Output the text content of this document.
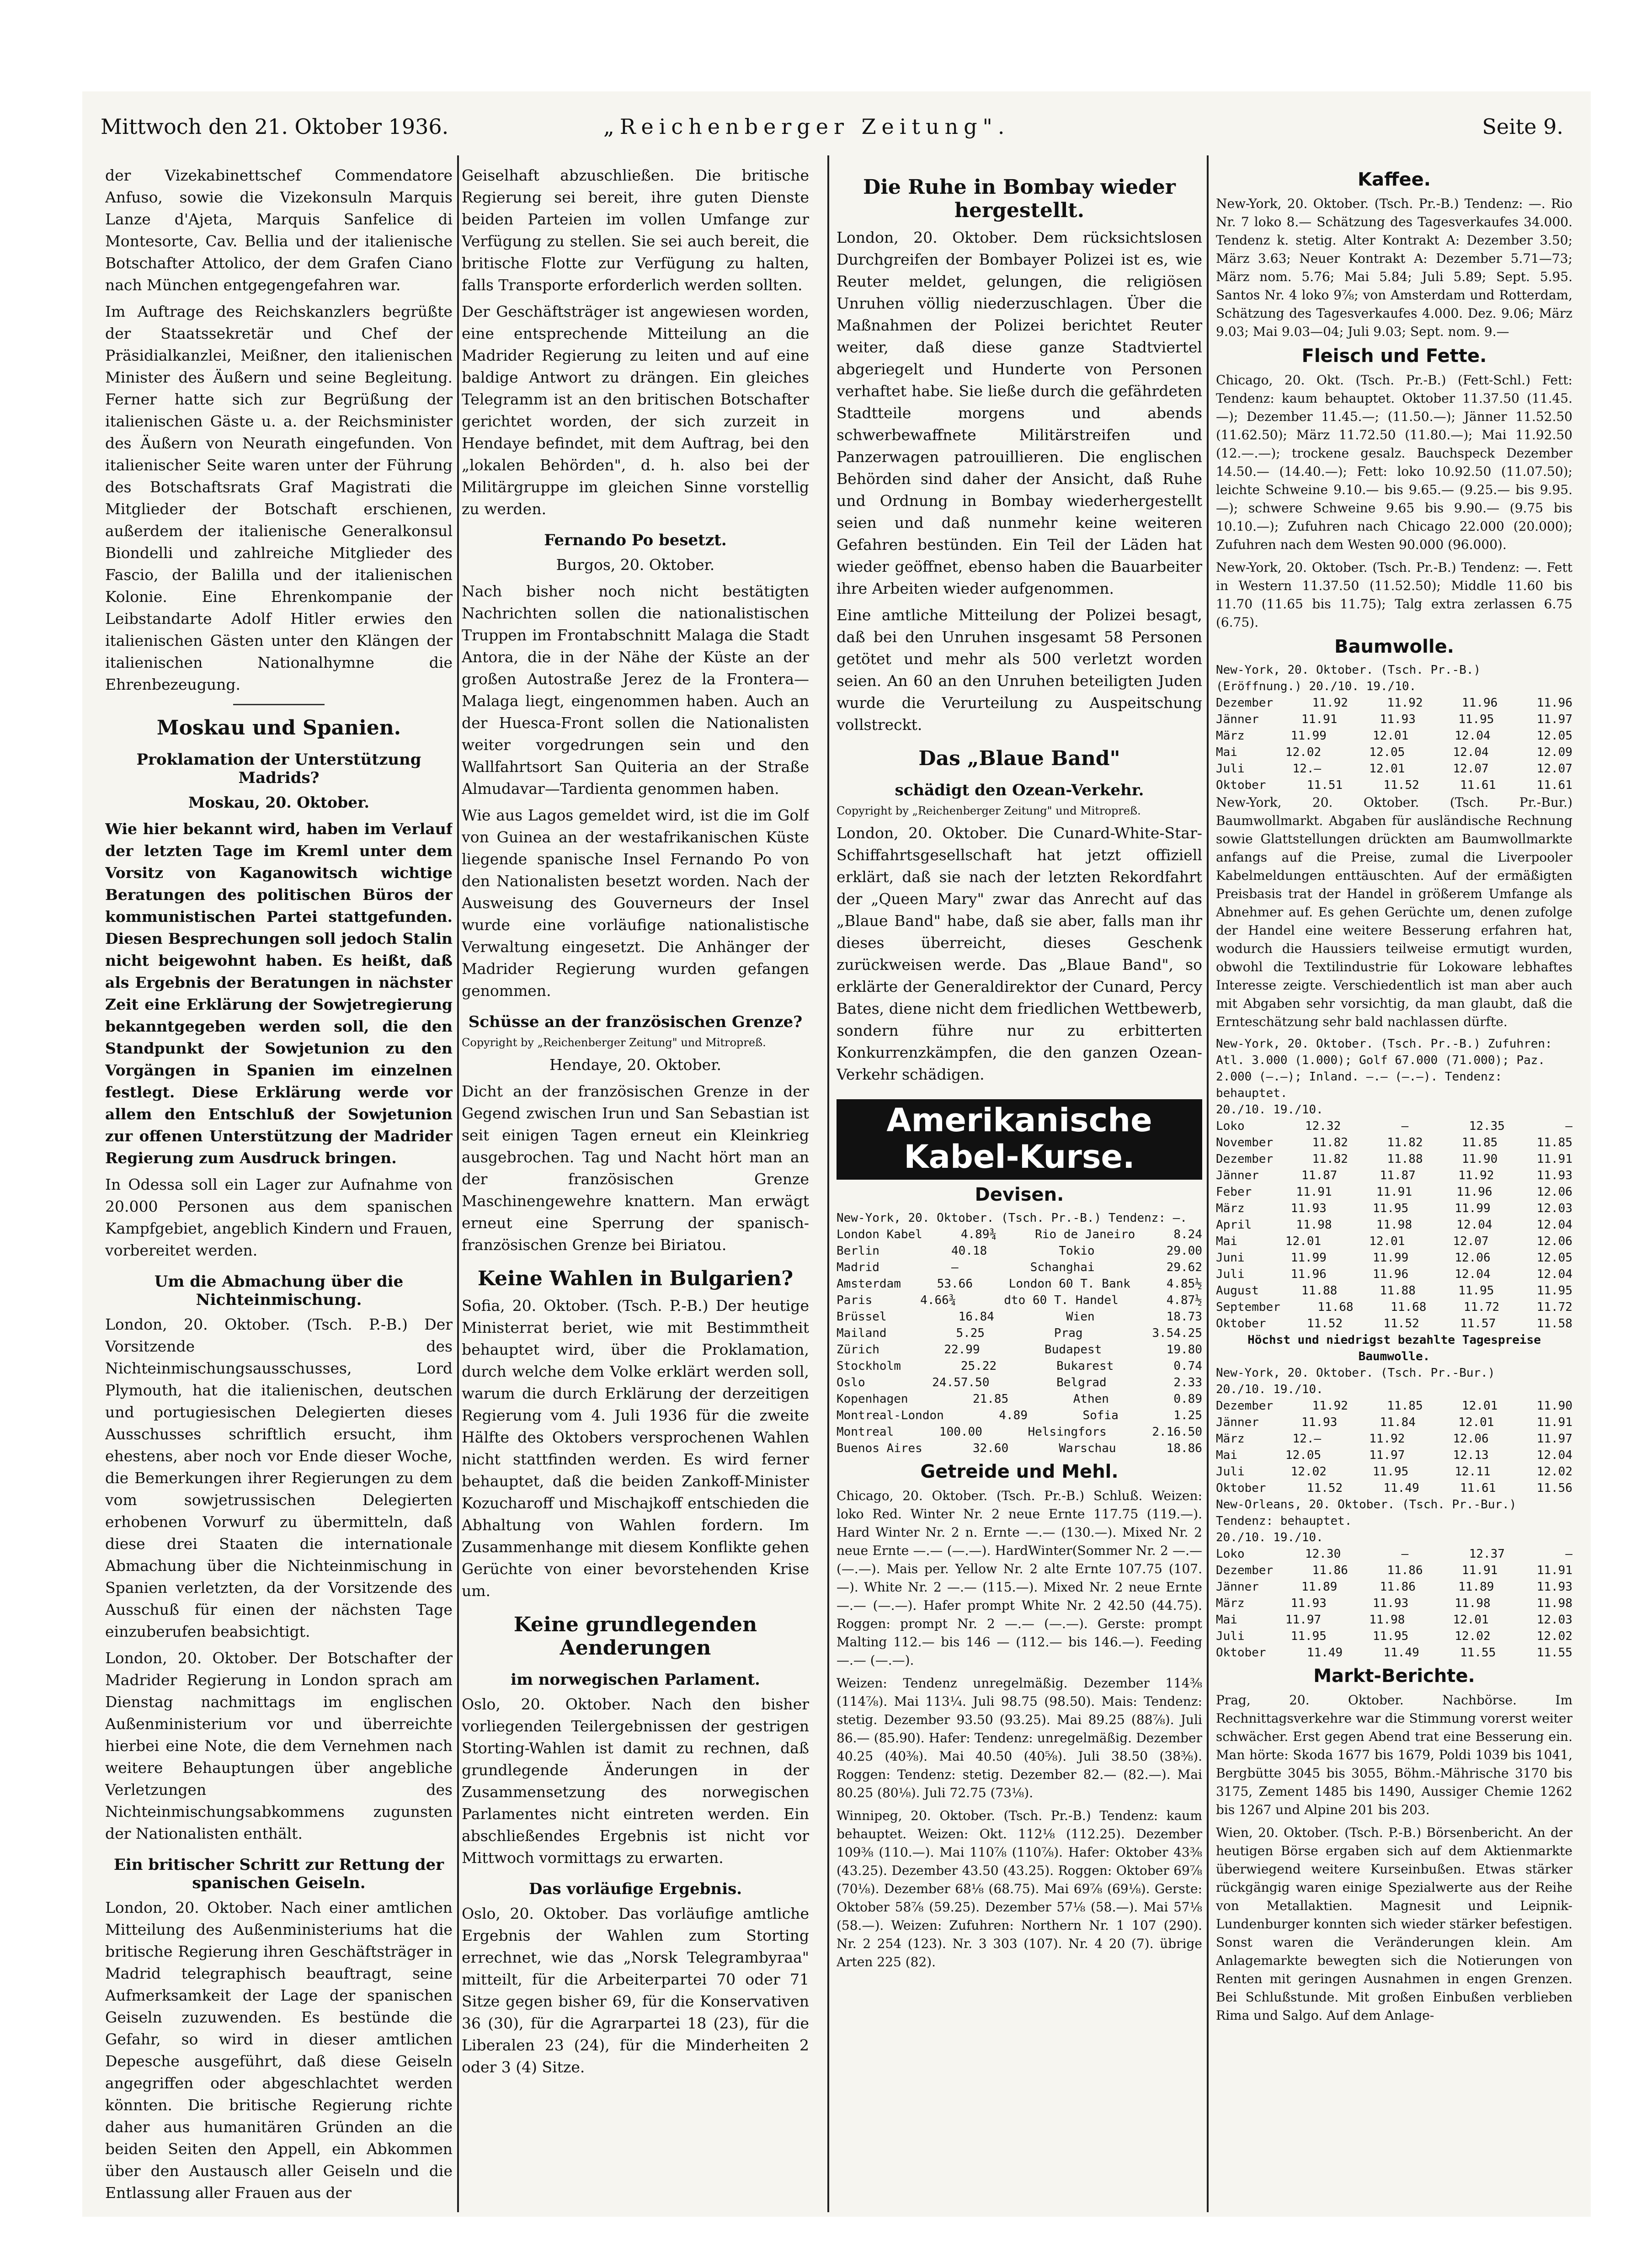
Mittwoch den 21. Oktober 1936.	„Reichenberger Zeitung".	Seite 9.

der Vizekabinettschef Commendatore Anfuso, sowie die Vizekonsuln Marquis Lanze d'Ajeta, Marquis Sanfelice di Montesorte, Cav. Bellia und der italienische Botschafter Attolico, der dem Grafen Ciano nach München entgegengefahren war.

Im Auftrage des Reichskanzlers begrüßte der Staatssekretär und Chef der Präsidialkanzlei, Meißner, den italienischen Minister des Äußern und seine Begleitung. Ferner hatte sich zur Begrüßung der italienischen Gäste u. a. der Reichsminister des Äußern von Neurath eingefunden. Von italienischer Seite waren unter der Führung des Botschaftsrats Graf Magistrati die Mitglieder der Botschaft erschienen, außerdem der italienische Generalkonsul Biondelli und zahlreiche Mitglieder des Fascio, der Balilla und der italienischen Kolonie. Eine Ehrenkompanie der Leibstandarte Adolf Hitler erwies den italienischen Gästen unter den Klängen der italienischen Nationalhymne die Ehrenbezeugung.

Moskau und Spanien.
Proklamation der Unterstützung Madrids?
Moskau, 20. Oktober.

Wie hier bekannt wird, haben im Verlauf der letzten Tage im Kreml unter dem Vorsitz von Kaganowitsch wichtige Beratungen des politischen Büros der kommunistischen Partei stattgefunden. Diesen Besprechungen soll jedoch Stalin nicht beigewohnt haben. Es heißt, daß als Ergebnis der Beratungen in nächster Zeit eine Erklärung der Sowjetregierung bekanntgegeben werden soll, die den Standpunkt der Sowjetunion zu den Vorgängen in Spanien im einzelnen festlegt. Diese Erklärung werde vor allem den Entschluß der Sowjetunion zur offenen Unterstützung der Madrider Regierung zum Ausdruck bringen.

In Odessa soll ein Lager zur Aufnahme von 20.000 Personen aus dem spanischen Kampfgebiet, angeblich Kindern und Frauen, vorbereitet werden.

Um die Abmachung über die Nichteinmischung.

London, 20. Oktober. (Tsch. P.-B.) Der Vorsitzende des Nichteinmischungsausschusses, Lord Plymouth, hat die italienischen, deutschen und portugiesischen Delegierten dieses Ausschusses schriftlich ersucht, ihm ehestens, aber noch vor Ende dieser Woche, die Bemerkungen ihrer Regierungen zu dem vom sowjetrussischen Delegierten erhobenen Vorwurf zu übermitteln, daß diese drei Staaten die internationale Abmachung über die Nichteinmischung in Spanien verletzten, da der Vorsitzende des Ausschuß für einen der nächsten Tage einzuberufen beabsichtigt.

London, 20. Oktober. Der Botschafter der Madrider Regierung in London sprach am Dienstag nachmittags im englischen Außenministerium vor und überreichte hierbei eine Note, die dem Vernehmen nach weitere Behauptungen über angebliche Verletzungen des Nichteinmischungsabkommens zugunsten der Nationalisten enthält.

Ein britischer Schritt zur Rettung der spanischen Geiseln.

London, 20. Oktober. Nach einer amtlichen Mitteilung des Außenministeriums hat die britische Regierung ihren Geschäftsträger in Madrid telegraphisch beauftragt, seine Aufmerksamkeit der Lage der spanischen Geiseln zuzuwenden. Es bestünde die Gefahr, so wird in dieser amtlichen Depesche ausgeführt, daß diese Geiseln angegriffen oder abgeschlachtet werden könnten. Die britische Regierung richte daher aus humanitären Gründen an die beiden Seiten den Appell, ein Abkommen über den Austausch aller Geiseln und die Entlassung aller Frauen aus der

Geiselhaft abzuschließen. Die britische Regierung sei bereit, ihre guten Dienste beiden Parteien im vollen Umfange zur Verfügung zu stellen. Sie sei auch bereit, die britische Flotte zur Verfügung zu halten, falls Transporte erforderlich werden sollten.

Der Geschäftsträger ist angewiesen worden, eine entsprechende Mitteilung an die Madrider Regierung zu leiten und auf eine baldige Antwort zu drängen. Ein gleiches Telegramm ist an den britischen Botschafter gerichtet worden, der sich zurzeit in Hendaye befindet, mit dem Auftrag, bei den „lokalen Behörden", d. h. also bei der Militärgruppe im gleichen Sinne vorstellig zu werden.

Fernando Po besetzt.
Burgos, 20. Oktober.

Nach bisher noch nicht bestätigten Nachrichten sollen die nationalistischen Truppen im Frontabschnitt Malaga die Stadt Antora, die in der Nähe der Küste an der großen Autostraße Jerez de la Frontera—Malaga liegt, eingenommen haben. Auch an der Huesca-Front sollen die Nationalisten weiter vorgedrungen sein und den Wallfahrtsort San Quiteria an der Straße Almudavar—Tardienta genommen haben.

Wie aus Lagos gemeldet wird, ist die im Golf von Guinea an der westafrikanischen Küste liegende spanische Insel Fernando Po von den Nationalisten besetzt worden. Nach der Ausweisung des Gouverneurs der Insel wurde eine vorläufige nationalistische Verwaltung eingesetzt. Die Anhänger der Madrider Regierung wurden gefangen genommen.

Schüsse an der französischen Grenze?
Copyright by „Reichenberger Zeitung" und Mitropreß.
Hendaye, 20. Oktober.

Dicht an der französischen Grenze in der Gegend zwischen Irun und San Sebastian ist seit einigen Tagen erneut ein Kleinkrieg ausgebrochen. Tag und Nacht hört man an der französischen Grenze Maschinengewehre knattern. Man erwägt erneut eine Sperrung der spanisch-französischen Grenze bei Biriatou.

Keine Wahlen in Bulgarien?

Sofia, 20. Oktober. (Tsch. P.-B.) Der heutige Ministerrat beriet, wie mit Bestimmtheit behauptet wird, über die Proklamation, durch welche dem Volke erklärt werden soll, warum die durch Erklärung der derzeitigen Regierung vom 4. Juli 1936 für die zweite Hälfte des Oktobers versprochenen Wahlen nicht stattfinden werden. Es wird ferner behauptet, daß die beiden Zankoff-Minister Kozucharoff und Mischajkoff entschieden die Abhaltung von Wahlen fordern. Im Zusammenhange mit diesem Konflikte gehen Gerüchte von einer bevorstehenden Krise um.

Keine grundlegenden Aenderungen
im norwegischen Parlament.

Oslo, 20. Oktober. Nach den bisher vorliegenden Teilergebnissen der gestrigen Storting-Wahlen ist damit zu rechnen, daß grundlegende Änderungen in der Zusammensetzung des norwegischen Parlamentes nicht eintreten werden. Ein abschließendes Ergebnis ist nicht vor Mittwoch vormittags zu erwarten.

Das vorläufige Ergebnis.

Oslo, 20. Oktober. Das vorläufige amtliche Ergebnis der Wahlen zum Storting errechnet, wie das „Norsk Telegrambyraa" mitteilt, für die Arbeiterpartei 70 oder 71 Sitze gegen bisher 69, für die Konservativen 36 (30), für die Agrarpartei 18 (23), für die Liberalen 23 (24), für die Minderheiten 2 oder 3 (4) Sitze.

Die Ruhe in Bombay wieder hergestellt.

London, 20. Oktober. Dem rücksichtslosen Durchgreifen der Bombayer Polizei ist es, wie Reuter meldet, gelungen, die religiösen Unruhen völlig niederzuschlagen. Über die Maßnahmen der Polizei berichtet Reuter weiter, daß diese ganze Stadtviertel abgeriegelt und Hunderte von Personen verhaftet habe. Sie ließe durch die gefährdeten Stadtteile morgens und abends schwerbewaffnete Militärstreifen und Panzerwagen patrouillieren. Die englischen Behörden sind daher der Ansicht, daß Ruhe und Ordnung in Bombay wiederhergestellt seien und daß nunmehr keine weiteren Gefahren bestünden. Ein Teil der Läden hat wieder geöffnet, ebenso haben die Bauarbeiter ihre Arbeiten wieder aufgenommen.

Eine amtliche Mitteilung der Polizei besagt, daß bei den Unruhen insgesamt 58 Personen getötet und mehr als 500 verletzt worden seien. An 60 an den Unruhen beteiligten Juden wurde die Verurteilung zu Auspeitschung vollstreckt.

Das „Blaue Band"
schädigt den Ozean-Verkehr.
Copyright by „Reichenberger Zeitung" und Mitropreß.

London, 20. Oktober. Die Cunard-White-Star-Schiffahrtsgesellschaft hat jetzt offiziell erklärt, daß sie nach der letzten Rekordfahrt der „Queen Mary" zwar das Anrecht auf das „Blaue Band" habe, daß sie aber, falls man ihr dieses überreicht, dieses Geschenk zurückweisen werde. Das „Blaue Band", so erklärte der Generaldirektor der Cunard, Percy Bates, diene nicht dem friedlichen Wettbewerb, sondern führe nur zu erbitterten Konkurrenzkämpfen, die den ganzen Ozean-Verkehr schädigen.

Amerikanische Kabel-Kurse.
Devisen.
New-York, 20. Oktober. (Tsch. Pr.-B.) Tendenz: —.
London Kabel	4.89¾	Rio de Janeiro	8.24
Berlin	40.18	Tokio	29.00
Madrid	—	Schanghai	29.62
Amsterdam	53.66	London 60 T. Bank	4.85½
Paris	4.66¾	dto 60 T. Handel	4.87½
Brüssel	16.84	Wien	18.73
Mailand	5.25	Prag	3.54.25
Zürich	22.99	Budapest	19.80
Stockholm	25.22	Bukarest	0.74
Oslo	24.57.50	Belgrad	2.33
Kopenhagen	21.85	Athen	0.89
Montreal-London	4.89	Sofia	1.25
Montreal	100.00	Helsingfors	2.16.50
Buenos Aires	32.60	Warschau	18.86
Getreide und Mehl.

Chicago, 20. Oktober. (Tsch. Pr.-B.) Schluß. Weizen: loko Red. Winter Nr. 2 neue Ernte 117.75 (119.—). Hard Winter Nr. 2 n. Ernte —.— (130.—). Mixed Nr. 2 neue Ernte —.— (—.—). HardWinter(Sommer Nr. 2 —.— (—.—). Mais per. Yellow Nr. 2 alte Ernte 107.75 (107.—). White Nr. 2 —.— (115.—). Mixed Nr. 2 neue Ernte —.— (—.—). Hafer prompt White Nr. 2 42.50 (44.75). Roggen: prompt Nr. 2 —.— (—.—). Gerste: prompt Malting 112.— bis 146 — (112.— bis 146.—). Feeding —.— (—.—).

Weizen: Tendenz unregelmäßig. Dezember 114⅜ (114⅞). Mai 113¼. Juli 98.75 (98.50). Mais: Tendenz: stetig. Dezember 93.50 (93.25). Mai 89.25 (88⅞). Juli 86.— (85.90). Hafer: Tendenz: unregelmäßig. Dezember 40.25 (40⅜). Mai 40.50 (40⅝). Juli 38.50 (38⅜). Roggen: Tendenz: stetig. Dezember 82.— (82.—). Mai 80.25 (80⅛). Juli 72.75 (73⅛).

Winnipeg, 20. Oktober. (Tsch. Pr.-B.) Tendenz: kaum behauptet. Weizen: Okt. 112⅛ (112.25). Dezember 109⅜ (110.—). Mai 110⅞ (110⅞). Hafer: Oktober 43⅜ (43.25). Dezember 43.50 (43.25). Roggen: Oktober 69⅞ (70⅛). Dezember 68⅛ (68.75). Mai 69⅞ (69⅛). Gerste: Oktober 58⅞ (59.25). Dezember 57⅛ (58.—). Mai 57⅛ (58.—). Weizen: Zufuhren: Northern Nr. 1 107 (290). Nr. 2 254 (123). Nr. 3 303 (107). Nr. 4 20 (7). übrige Arten 225 (82).

Kaffee.

New-York, 20. Oktober. (Tsch. Pr.-B.) Tendenz: —. Rio Nr. 7 loko 8.— Schätzung des Tagesverkaufes 34.000. Tendenz k. stetig. Alter Kontrakt A: Dezember 3.50; März 3.63; Neuer Kontrakt A: Dezember 5.71—73; März nom. 5.76; Mai 5.84; Juli 5.89; Sept. 5.95. Santos Nr. 4 loko 9⅞; von Amsterdam und Rotterdam, Schätzung des Tagesverkaufes 4.000. Dez. 9.06; März 9.03; Mai 9.03—04; Juli 9.03; Sept. nom. 9.—

Fleisch und Fette.

Chicago, 20. Okt. (Tsch. Pr.-B.) (Fett-Schl.) Fett: Tendenz: kaum behauptet. Oktober 11.37.50 (11.45.—); Dezember 11.45.—; (11.50.—); Jänner 11.52.50 (11.62.50); März 11.72.50 (11.80.—); Mai 11.92.50 (12.—.—); trockene gesalz. Bauchspeck Dezember 14.50.— (14.40.—); Fett: loko 10.92.50 (11.07.50); leichte Schweine 9.10.— bis 9.65.— (9.25.— bis 9.95.—); schwere Schweine 9.65 bis 9.90.— (9.75 bis 10.10.—); Zufuhren nach Chicago 22.000 (20.000); Zufuhren nach dem Westen 90.000 (96.000).

New-York, 20. Oktober. (Tsch. Pr.-B.) Tendenz: —. Fett in Western 11.37.50 (11.52.50); Middle 11.60 bis 11.70 (11.65 bis 11.75); Talg extra zerlassen 6.75 (6.75).

Baumwolle.
New-York, 20. Oktober. (Tsch. Pr.-B.)
(Eröffnung.) 20./10. 19./10.
Dezember	11.92	11.92	11.96	11.96
Jänner	11.91	11.93	11.95	11.97
März	11.99	12.01	12.04	12.05
Mai	12.02	12.05	12.04	12.09
Juli	12.—	12.01	12.07	12.07
Oktober	11.51	11.52	11.61	11.61

New-York, 20. Oktober. (Tsch. Pr.-Bur.) Baumwollmarkt. Abgaben für ausländische Rechnung sowie Glattstellungen drückten am Baumwollmarkte anfangs auf die Preise, zumal die Liverpooler Kabelmeldungen enttäuschten. Auf der ermäßigten Preisbasis trat der Handel in größerem Umfange als Abnehmer auf. Es gehen Gerüchte um, denen zufolge der Handel eine weitere Besserung erfahren hat, wodurch die Haussiers teilweise ermutigt wurden, obwohl die Textilindustrie für Lokoware lebhaftes Interesse zeigte. Verschiedentlich ist man aber auch mit Abgaben sehr vorsichtig, da man glaubt, daß die Ernteschätzung sehr bald nachlassen dürfte.

New-York, 20. Oktober. (Tsch. Pr.-B.) Zufuhren: Atl. 3.000 (1.000); Golf 67.000 (71.000); Paz. 2.000 (—.—); Inland. —.— (—.—). Tendenz: behauptet.
20./10. 19./10.
Loko	12.32	—	12.35	—
November	11.82	11.82	11.85	11.85
Dezember	11.82	11.88	11.90	11.91
Jänner	11.87	11.87	11.92	11.93
Feber	11.91	11.91	11.96	12.06
März	11.93	11.95	11.99	12.03
April	11.98	11.98	12.04	12.04
Mai	12.01	12.01	12.07	12.06
Juni	11.99	11.99	12.06	12.05
Juli	11.96	11.96	12.04	12.04
August	11.88	11.88	11.95	11.95
September	11.68	11.68	11.72	11.72
Oktober	11.52	11.52	11.57	11.58
Höchst und niedrigst bezahlte Tagespreise Baumwolle.
New-York, 20. Oktober. (Tsch. Pr.-Bur.)
20./10. 19./10.
Dezember	11.92	11.85	12.01	11.90
Jänner	11.93	11.84	12.01	11.91
März	12.—	11.92	12.06	11.97
Mai	12.05	11.97	12.13	12.04
Juli	12.02	11.95	12.11	12.02
Oktober	11.52	11.49	11.61	11.56
New-Orleans, 20. Oktober. (Tsch. Pr.-Bur.) Tendenz: behauptet.
20./10. 19./10.
Loko	12.30	—	12.37	—
Dezember	11.86	11.86	11.91	11.91
Jänner	11.89	11.86	11.89	11.93
März	11.93	11.93	11.98	11.98
Mai	11.97	11.98	12.01	12.03
Juli	11.95	11.95	12.02	12.02
Oktober	11.49	11.49	11.55	11.55
Markt-Berichte.

Prag, 20. Oktober. Nachbörse. Im Rechnittagsverkehre war die Stimmung vorerst weiter schwächer. Erst gegen Abend trat eine Besserung ein. Man hörte: Skoda 1677 bis 1679, Poldi 1039 bis 1041, Bergbütte 3045 bis 3055, Böhm.-Mährische 3170 bis 3175, Zement 1485 bis 1490, Aussiger Chemie 1262 bis 1267 und Alpine 201 bis 203.

Wien, 20. Oktober. (Tsch. P.-B.) Börsenbericht. An der heutigen Börse ergaben sich auf dem Aktienmarkte überwiegend weitere Kurseinbußen. Etwas stärker rückgängig waren einige Spezialwerte aus der Reihe von Metallaktien. Magnesit und Leipnik-Lundenburger konnten sich wieder stärker befestigen. Sonst waren die Veränderungen klein. Am Anlagemarkte bewegten sich die Notierungen von Renten mit geringen Ausnahmen in engen Grenzen. Bei Schlußstunde. Mit großen Einbußen verblieben Rima und Salgo. Auf dem Anlage-
